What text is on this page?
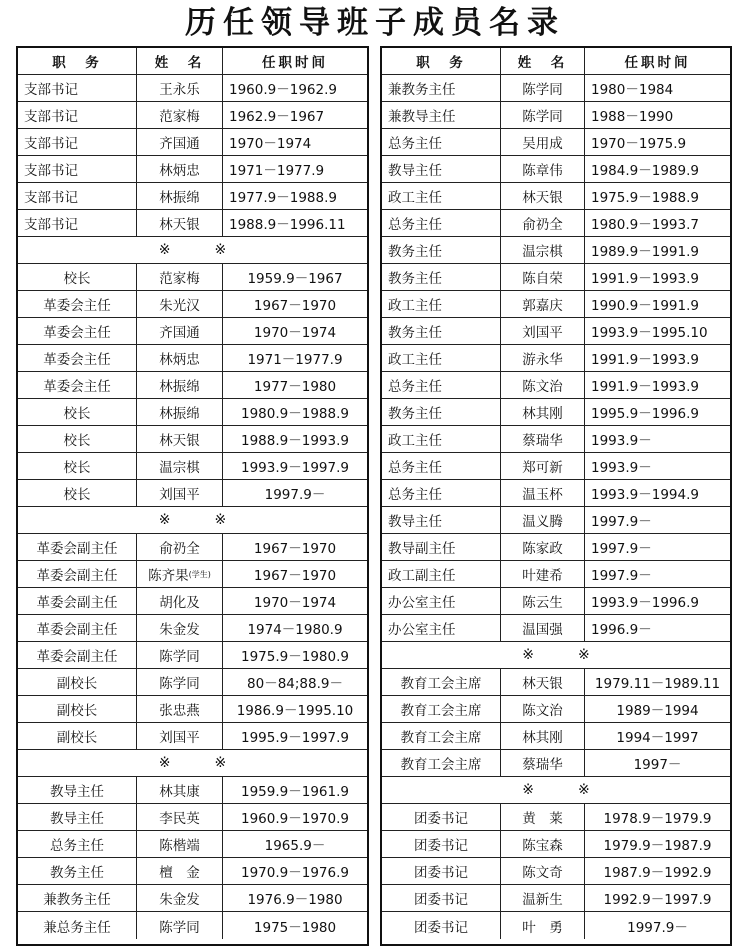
历任领导班子成员名录
职　务	姓　名	任职时间
支部书记	王永乐 1960.9－1962.9
支部书记	范家梅 1962.9－1967
支部书记	齐国通 1970－1974
支部书记	林炳忠 1971－1977.9
支部书记	林振绵 1977.9－1988.9
支部书记	林天银 1988.9－1996.11
※	※
校长	范家梅	1959.9－1967
革委会主任	朱光汉	1967－1970
革委会主任	齐国通	1970－1974
革委会主任	林炳忠	1971－1977.9
革委会主任	林振绵	1977－1980
校长	林振绵	1980.9－1988.9
校长	林天银	1988.9－1993.9
校长	温宗棋	1993.9－1997.9
校长	刘国平	1997.9－
※	※
革委会副主任	俞礽全	1967－1970
革委会副主任 陈齐果 (学生)	1967－1970
革委会副主任	胡化及	1970－1974
革委会副主任	朱金发	1974－1980.9
革委会副主任	陈学同	1975.9－1980.9
副校长	陈学同	80－84;88.9－
副校长	张忠燕	1986.9－1995.10
副校长	刘国平	1995.9－1997.9
※	※
教导主任	林其康	1959.9－1961.9
教导主任	李民英	1960.9－1970.9
总务主任	陈楷端	1965.9－
教务主任	檀　金	1970.9－1976.9
兼教务主任	朱金发	1976.9－1980
兼总务主任	陈学同	1975－1980
职　务	姓　名	任职时间
兼教务主任	陈学同 1980－1984
兼教导主任	陈学同 1988－1990
总务主任	吴用成 1970－1975.9
教导主任	陈章伟 1984.9－1989.9
政工主任	林天银 1975.9－1988.9
总务主任	俞礽全 1980.9－1993.7
教务主任	温宗棋 1989.9－1991.9
教务主任	陈自荣 1991.9－1993.9
政工主任	郭嘉庆 1990.9－1991.9
教务主任	刘国平 1993.9－1995.10
政工主任	游永华 1991.9－1993.9
总务主任	陈文治 1991.9－1993.9
教务主任	林其刚 1995.9－1996.9
政工主任	蔡瑞华 1993.9－
总务主任	郑可新 1993.9－
总务主任	温玉杯 1993.9－1994.9
教导主任	温义腾 1997.9－
教导副主任	陈家政 1997.9－
政工副主任	叶建希 1997.9－
办公室主任	陈云生 1993.9－1996.9
办公室主任	温国强 1996.9－
※	※
教育工会主席	林天银 1979.11－1989.11
教育工会主席	陈文治	1989－1994
教育工会主席	林其刚	1994－1997
教育工会主席	蔡瑞华	1997－
※	※
团委书记	黄　莱	1978.9－1979.9
团委书记	陈宝森	1979.9－1987.9
团委书记	陈文奇	1987.9－1992.9
团委书记	温新生	1992.9－1997.9
团委书记	叶　勇	1997.9－
